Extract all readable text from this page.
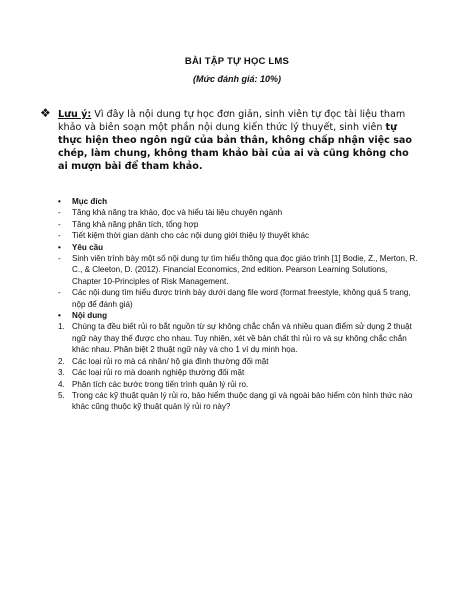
BÀI TẬP TỰ HỌC LMS
(Mức đánh giá: 10%)
❖ Lưu ý: Vì đây là nội dung tự học đơn giản, sinh viên tự đọc tài liệu tham khảo và biên soạn một phần nội dung kiến thức lý thuyết, sinh viên tự thực hiện theo ngôn ngữ của bản thân, không chấp nhận việc sao chép, làm chung, không tham khảo bài của ai và cũng không cho ai mượn bài để tham khảo.

• Mục đích

- Tăng khả năng tra khảo, đọc và hiểu tài liệu chuyên ngành

- Tăng khả năng phân tích, tổng hợp

- Tiết kiệm thời gian dành cho các nội dung giới thiệu lý thuyết khác

• Yêu cầu

- Sinh viên trình bày một số nội dung tự tìm hiểu thông qua đọc giáo trình [1] Bodie, Z., Merton, R. C., & Cleeton, D. (2012). Financial Economics, 2nd edition. Pearson Learning Solutions, Chapter 10-Principles of Risk Management.

- Các nội dung tìm hiểu được trình bày dưới dạng file word (format freestyle, không quá 5 trang, nộp để đánh giá)

• Nội dung

1. Chúng ta đều biết rủi ro bắt nguồn từ sự không chắc chắn và nhiều quan điểm sử dụng 2 thuật ngữ này thay thế được cho nhau. Tuy nhiên, xét về bản chất thì rủi ro và sự không chắc chắn khác nhau. Phân biệt 2 thuật ngữ này và cho 1 ví dụ minh họa.

2. Các loại rủi ro mà cá nhân/ hộ gia đình thường đối mặt

3. Các loại rủi ro mà doanh nghiệp thường đối mặt

4. Phân tích các bước trong tiến trình quản lý rủi ro.

5. Trong các kỹ thuật quản lý rủi ro, bảo hiểm thuộc dạng gì và ngoài bảo hiểm còn hình thức nào khác cũng thuộc kỹ thuật quản lý rủi ro này?
